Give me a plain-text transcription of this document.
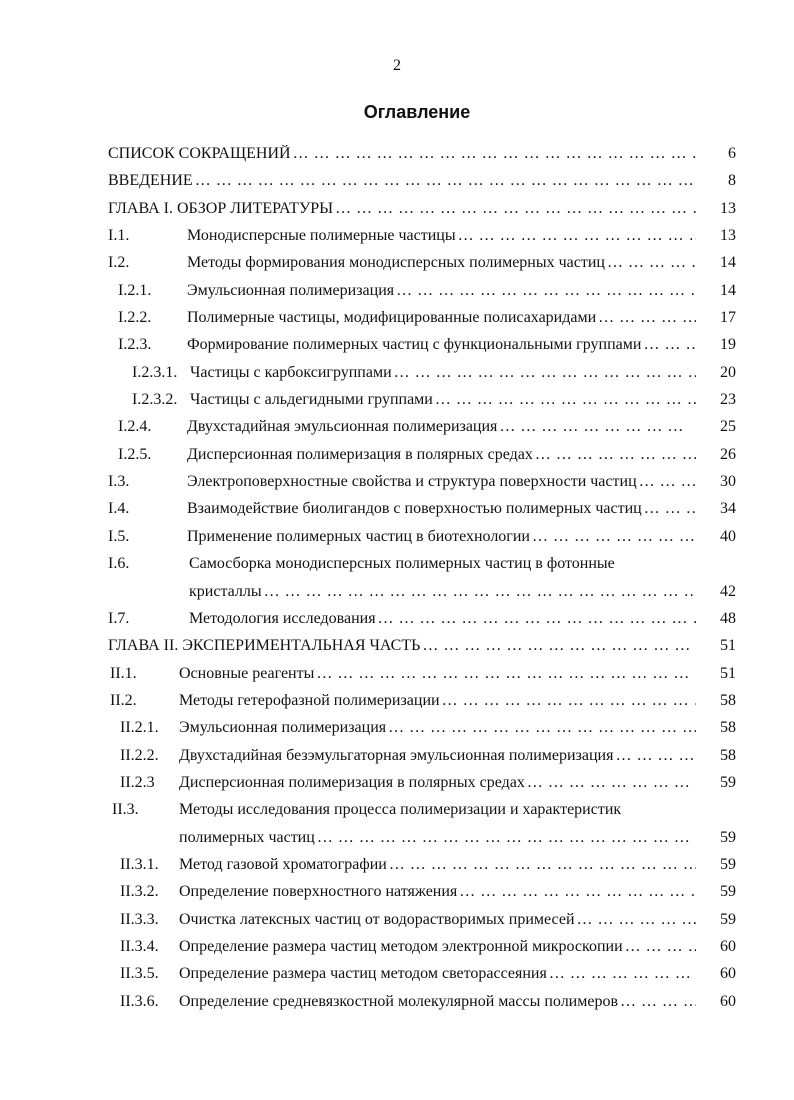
2
Оглавление
СПИСОК СОКРАЩЕНИЙ … … … … … … … … … … … … … … … … … … … … … … … … … … … … … … … … … … … … … … … … … … … … … … … …	6
ВВЕДЕНИЕ … … … … … … … … … … … … … … … … … … … … … … … … … … … … … … … … … … … … … … … … … … … … … … … …	8
ГЛАВА I. ОБЗОР ЛИТЕРАТУРЫ … … … … … … … … … … … … … … … … … … … … … … … … … … … … … … … … … … … … … … … … … … … … … … … …	13
I.1.	Монодисперсные полимерные частицы … … … … … … … … … … … … … … … … … … … … … … … … … … … … … … … … … … … … … … … … … … … … … … … …	13
I.2.	Методы формирования монодисперсных полимерных частиц … … … … … … … … … … … … … … … … … … … … … … … … … … … … … … … … … … … … … … … … … … … … … … … …	14
I.2.1. Эмульсионная полимеризация … … … … … … … … … … … … … … … … … … … … … … … … … … … … … … … … … … … … … … … … … … … … … … … …	14
I.2.2. Полимерные частицы, модифицированные полисахаридами … … … … … … … … … … … … … … … … … … … … … … … … … … … … … … … … … … … … … … … … … … … … … … … …	17
I.2.3. Формирование полимерных частиц с функциональными группами … … … … … … … … … … … … … … … … … … … … … … … … … … … … … … … … … … … … … … … … … … … … … … … …	19
I.2.3.1. Частицы с карбоксигруппами … … … … … … … … … … … … … … … … … … … … … … … … … … … … … … … … … … … … … … … … … … … … … … … …	20
I.2.3.2. Частицы с альдегидными группами … … … … … … … … … … … … … … … … … … … … … … … … … … … … … … … … … … … … … … … … … … … … … … … …	23
I.2.4. Двухстадийная эмульсионная полимеризация … … … … … … … … … … … … … … … … … … … … … … … … … … … … … … … … … … … … … … … … … … … … … … … …	25
I.2.5. Дисперсионная полимеризация в полярных средах … … … … … … … … … … … … … … … … … … … … … … … … … … … … … … … … … … … … … … … … … … … … … … … …	26
I.3.	Электроповерхностные свойства и структура поверхности частиц … … … … … … … … … … … … … … … … … … … … … … … … … … … … … … … … … … … … … … … … … … … … … … … …	30
I.4.	Взаимодействие биолигандов с поверхностью полимерных частиц … … … … … … … … … … … … … … … … … … … … … … … … … … … … … … … … … … … … … … … … … … … … … … … …	34
I.5.	Применение полимерных частиц в биотехнологии … … … … … … … … … … … … … … … … … … … … … … … … … … … … … … … … … … … … … … … … … … … … … … … …	40
I.6.	Самосборка монодисперсных полимерных частиц в фотонные
кристаллы … … … … … … … … … … … … … … … … … … … … … … … … … … … … … … … … … … … … … … … … … … … … … … … …	42
I.7.	Методология исследования … … … … … … … … … … … … … … … … … … … … … … … … … … … … … … … … … … … … … … … … … … … … … … … …	48
ГЛАВА II. ЭКСПЕРИМЕНТАЛЬНАЯ ЧАСТЬ … … … … … … … … … … … … … … … … … … … … … … … … … … … … … … … … … … … … … … … … … … … … … … … …	51
II.1.	Основные реагенты … … … … … … … … … … … … … … … … … … … … … … … … … … … … … … … … … … … … … … … … … … … … … … … …	51
II.2.	Методы гетерофазной полимеризации … … … … … … … … … … … … … … … … … … … … … … … … … … … … … … … … … … … … … … … … … … … … … … … …	58
II.2.1. Эмульсионная полимеризация … … … … … … … … … … … … … … … … … … … … … … … … … … … … … … … … … … … … … … … … … … … … … … … …	58
II.2.2. Двухстадийная безэмульгаторная эмульсионная полимеризация … … … … … … … … … … … … … … … … … … … … … … … … … … … … … … … … … … … … … … … … … … … … … … … …	58
II.2.3 Дисперсионная полимеризация в полярных средах … … … … … … … … … … … … … … … … … … … … … … … … … … … … … … … … … … … … … … … … … … … … … … … …	59
II.3.	Методы исследования процесса полимеризации и характеристик
полимерных частиц … … … … … … … … … … … … … … … … … … … … … … … … … … … … … … … … … … … … … … … … … … … … … … … …	59
II.3.1. Метод газовой хроматографии … … … … … … … … … … … … … … … … … … … … … … … … … … … … … … … … … … … … … … … … … … … … … … … …	59
II.3.2. Определение поверхностного натяжения … … … … … … … … … … … … … … … … … … … … … … … … … … … … … … … … … … … … … … … … … … … … … … … …	59
II.3.3. Очистка латексных частиц от водорастворимых примесей … … … … … … … … … … … … … … … … … … … … … … … … … … … … … … … … … … … … … … … … … … … … … … … …	59
II.3.4. Определение размера частиц методом электронной микроскопии … … … … … … … … … … … … … … … … … … … … … … … … … … … … … … … … … … … … … … … … … … … … … … … …	60
II.3.5. Определение размера частиц методом светорассеяния … … … … … … … … … … … … … … … … … … … … … … … … … … … … … … … … … … … … … … … … … … … … … … … …	60
II.3.6. Определение средневязкостной молекулярной массы полимеров … … … … … … … … … … … … … … … … … … … … … … … … … … … … … … … … … … … … … … … … … … … … … … … …	60
